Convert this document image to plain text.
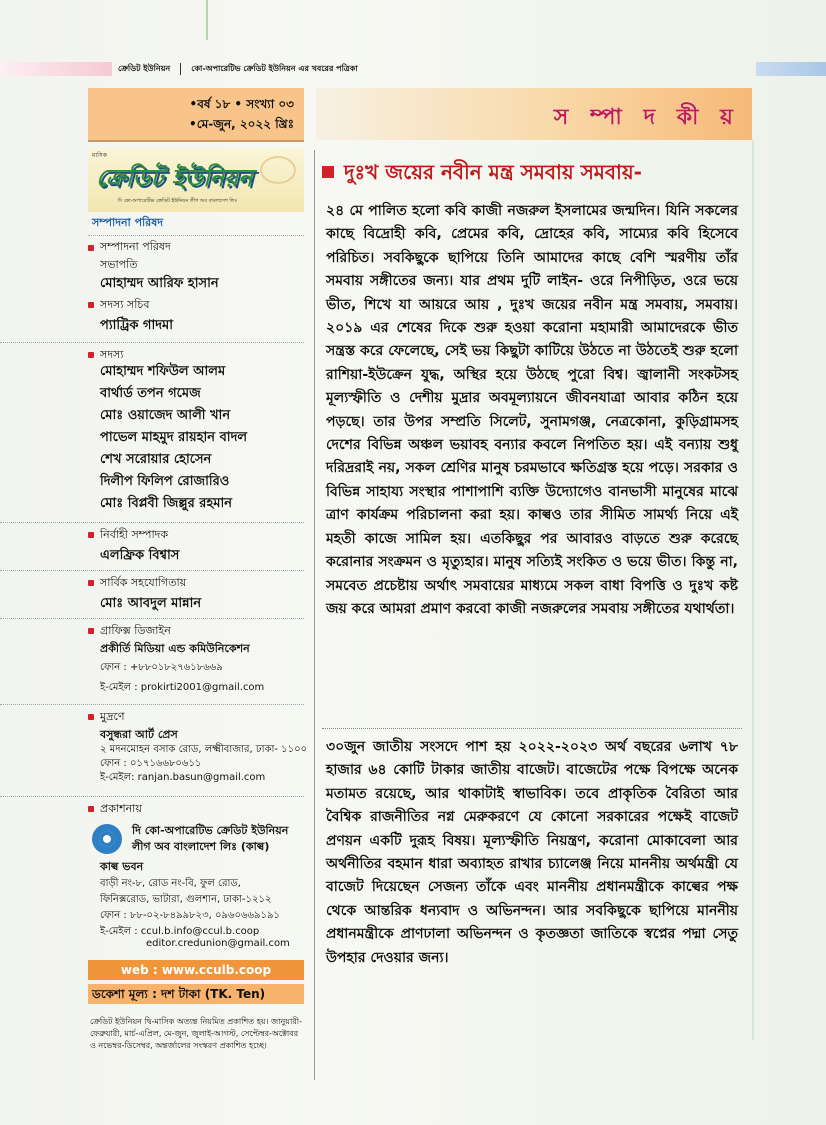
ক্রেডিট ইউনিয়ন	কো-অপারেটিভ ক্রেডিট ইউনিয়ন এর খবরের পত্রিকা
•বর্ষ ১৮ • সংখ্যা ০৩
•মে-জুন, ২০২২ খ্রিঃ	স ম্পা দ কী য়
মাসিক
ক্রেডিট ইউনিয়ন
দি কো-অপারেটিভ ক্রেডিট ইউনিয়ন লীগ অব বাংলাদেশ লিঃ
সম্পাদনা পরিষদ
সম্পাদনা পরিষদ
সভাপতি
মোহাম্মদ আরিফ হাসান
সদস্য সচিব
প্যাট্রিক গাদমা
সদস্য
মোহাম্মদ শফিউল আলম
বার্থার্ড তপন গমেজ
মোঃ ওয়াজেদ আলী খান
পাভেল মাহমুদ রায়হান বাদল
শেখ সরোয়ার হোসেন
দিলীপ ফিলিপ রোজারিও
মোঃ বিপ্লবী জিল্লুর রহমান
নির্বাহী সম্পাদক
এলফ্রিক বিশ্বাস
সার্বিক সহযোগিতায়
মোঃ আবদুল মান্নান
গ্রাফিক্স ডিজাইন
প্রকীর্তি মিডিয়া এন্ড কমিউনিকেশন
ফোন : +৮৮০১৮২৭৬১৮৬৬৯
ই-মেইল : prokirti2001@gmail.com
মুদ্রণে
বসুন্ধরা আর্ট প্রেস
২ মদনমোহন বসাক রোড, লক্ষ্মীবাজার, ঢাকা- ১১০০
ফোন : ০১৭১৬৬৮০৬১১
ই-মেইল: ranjan.basun@gmail.com
প্রকাশনায়
দি কো-অপারেটিভ ক্রেডিট ইউনিয়ন
লীগ অব বাংলাদেশ লিঃ (কাল্ব)
কাল্ব ভবন
বাড়ী নং-৮, রোড নং-বি, ফুল রোড,
ফিনিক্সরোড, ভাটারা, গুলশান, ঢাকা-১২১২
ফোন : ৮৮-০২-৮৪৯৯৮২৩, ০৯৬০৬৬৯১৯১
ই-মেইল : ccul.b.info@ccul.b.coop
editor.credunion@gmail.com
web : www.cculb.coop
ডকেশা মূল্য : দশ টাকা (TK. Ten)
ক্রেডিট ইউনিয়ন দ্বি-মাসিক অত্যন্ত নিয়মিত প্রকাশিত হয়। জানুয়ারী-ফেব্রুয়ারী, মার্চ-এপ্রিল, মে-জুন, জুলাই-আগস্ট, সেপ্টেম্বর-অক্টোবর ও নভেম্বর-ডিসেম্বর, অন্তর্জালের সংস্করণ প্রকাশিত হচ্ছে।
দুঃখ জয়ের নবীন মন্ত্র সমবায় সমবায়-
২৪ মে পালিত হলো কবি কাজী নজরুল ইসলামের জন্মদিন। যিনি সকলের কাছে বিদ্রোহী কবি, প্রেমের কবি, দ্রোহের কবি, সাম্যের কবি হিসেবে পরিচিত। সবকিছুকে ছাপিয়ে তিনি আমাদের কাছে বেশি স্মরণীয় তাঁর সমবায় সঙ্গীতের জন্য। যার প্রথম দুটি লাইন- ওরে নিপীড়িত, ওরে ভয়ে ভীত, শিখে যা আয়রে আয় , দুঃখ জয়ের নবীন মন্ত্র সমবায়, সমবায়। ২০১৯ এর শেষের দিকে শুরু হওয়া করোনা মহামারী আমাদেরকে ভীত সন্ত্রস্ত করে ফেলেছে, সেই ভয় কিছুটা কাটিয়ে উঠতে না উঠতেই শুরু হলো রাশিয়া-ইউক্রেন যুদ্ধ, অস্থির হয়ে উঠছে পুরো বিশ্ব। জ্বালানী সংকটসহ মূল্যস্ফীতি ও দেশীয় মুদ্রার অবমূল্যায়নে জীবনযাত্রা আবার কঠিন হয়ে পড়ছে। তার উপর সম্প্রতি সিলেট, সুনামগঞ্জ, নেত্রকোনা, কুড়িগ্রামসহ দেশের বিভিন্ন অঞ্চল ভয়াবহ বন্যার কবলে নিপতিত হয়। এই বন্যায় শুধু দরিদ্ররাই নয়, সকল শ্রেণির মানুষ চরমভাবে ক্ষতিগ্রস্ত হয়ে পড়ে। সরকার ও বিভিন্ন সাহায্য সংস্থার পাশাপাশি ব্যক্তি উদ্যোগেও বানভাসী মানুষের মাঝে ত্রাণ কার্যক্রম পরিচালনা করা হয়। কাল্বও তার সীমিত সামর্থ্য নিয়ে এই মহতী কাজে সামিল হয়। এতকিছুর পর আবারও বাড়তে শুরু করেছে করোনার সংক্রমন ও মৃত্যুহার। মানুষ সত্যিই সংকিত ও ভয়ে ভীত। কিন্তু না, সমবেত প্রচেষ্টায় অর্থাৎ সমবায়ের মাধ্যমে সকল বাধা বিপত্তি ও দুঃখ কষ্ট জয় করে আমরা প্রমাণ করবো কাজী নজরুলের সমবায় সঙ্গীতের যথার্থতা।
৩০জুন জাতীয় সংসদে পাশ হয় ২০২২-২০২৩ অর্থ বছরের ৬লাখ ৭৮ হাজার ৬৪ কোটি টাকার জাতীয় বাজেট। বাজেটের পক্ষে বিপক্ষে অনেক মতামত রয়েছে, আর থাকাটাই স্বাভাবিক। তবে প্রাকৃতিক বৈরিতা আর বৈশ্বিক রাজনীতির নগ্ন মেরুকরণে যে কোনো সরকারের পক্ষেই বাজেট প্রণয়ন একটি দুরূহ বিষয়। মূল্যস্ফীতি নিয়ন্ত্রণ, করোনা মোকাবেলা আর অর্থনীতির বহমান ধারা অব্যাহত রাখার চ্যালেঞ্জ নিয়ে মাননীয় অর্থমন্ত্রী যে বাজেট দিয়েছেন সেজন্য তাঁকে এবং মাননীয় প্রধানমন্ত্রীকে কাল্বের পক্ষ থেকে আন্তরিক ধন্যবাদ ও অভিনন্দন। আর সবকিছুকে ছাপিয়ে মাননীয় প্রধানমন্ত্রীকে প্রাণঢালা অভিনন্দন ও কৃতজ্ঞতা জাতিকে স্বপ্নের পদ্মা সেতু উপহার দেওয়ার জন্য।
